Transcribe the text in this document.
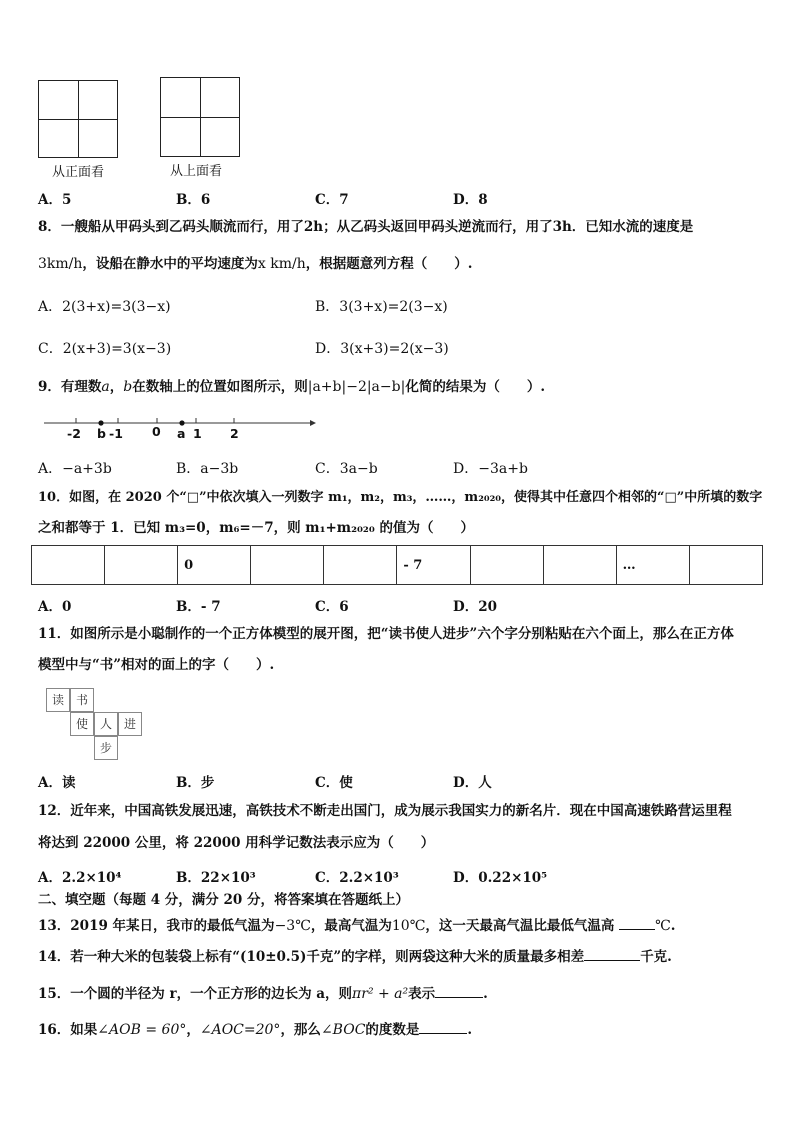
从正面看	从上面看
A．5	B．6	C．7	D．8
8．一艘船从甲码头到乙码头顺流而行，用了2h；从乙码头返回甲码头逆流而行，用了3h．已知水流的速度是
3km/h，设船在静水中的平均速度为x km/h，根据题意列方程（　　）.
A．2(3+x)=3(3−x)	B．3(3+x)=2(3−x)
C．2(x+3)=3(x−3)	D．3(x+3)=2(x−3)
9．有理数a，b在数轴上的位置如图所示，则|a+b|−2|a−b|化简的结果为（　　）.
-2 b -1 0 a 1 2
A．−a+3b	B．a−3b	C．3a−b	D．−3a+b
10．如图，在 2020 个“□”中依次填入一列数字 m₁，m₂，m₃，……，m₂₀₂₀，使得其中任意四个相邻的“□”中所填的数字
之和都等于 1．已知 m₃=0，m₆=－7，则 m₁+m₂₀₂₀ 的值为（　　）
		0			- 7			…	
A．0	B．- 7	C．6	D．20
11．如图所示是小聪制作的一个正方体模型的展开图，把“读书使人进步”六个字分别粘贴在六个面上，那么在正方体
模型中与“书”相对的面上的字（　　）.
读 书
使 人 进
步
A．读	B．步	C．使	D．人
12．近年来，中国高铁发展迅速，高铁技术不断走出国门，成为展示我国实力的新名片．现在中国高速铁路营运里程
将达到 22000 公里，将 22000 用科学记数法表示应为（　　）
A．2.2×10⁴	B．22×10³	C．2.2×10³	D．0.22×10⁵
二、填空题（每题 4 分，满分 20 分，将答案填在答题纸上）
13．2019 年某日，我市的最低气温为−3℃，最高气温为10℃，这一天最高气温比最低气温高	℃.
14．若一种大米的包装袋上标有“(10±0.5)千克”的字样，则两袋这种大米的质量最多相差	千克.
15．一个圆的半径为 r，一个正方形的边长为 a，则πr² + a²表示	.
16．如果∠AOB = 60°，∠AOC=20°，那么∠BOC的度数是	.
